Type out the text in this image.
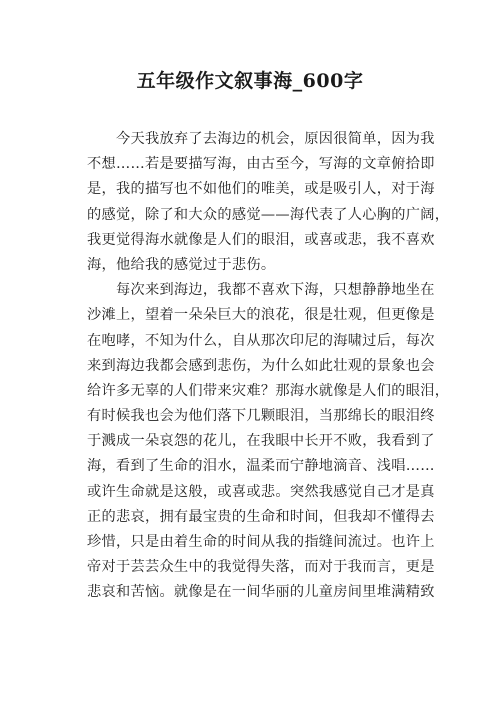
五年级作文叙事海_600字
　　今天我放弃了去海边的机会，原因很简单，因为我
不想……若是要描写海，由古至今，写海的文章俯拾即
是，我的描写也不如他们的唯美，或是吸引人，对于海
的感觉，除了和大众的感觉——海代表了人心胸的广阔，
我更觉得海水就像是人们的眼泪，或喜或悲，我不喜欢
海，他给我的感觉过于悲伤。
　　每次来到海边，我都不喜欢下海，只想静静地坐在
沙滩上，望着一朵朵巨大的浪花，很是壮观，但更像是
在咆哮，不知为什么，自从那次印尼的海啸过后，每次
来到海边我都会感到悲伤，为什么如此壮观的景象也会
给许多无辜的人们带来灾难？那海水就像是人们的眼泪，
有时候我也会为他们落下几颗眼泪，当那绵长的眼泪终
于溅成一朵哀怨的花儿，在我眼中长开不败，我看到了
海，看到了生命的泪水，温柔而宁静地滴音、浅唱……
或许生命就是这般，或喜或悲。突然我感觉自己才是真
正的悲哀，拥有最宝贵的生命和时间，但我却不懂得去
珍惜，只是由着生命的时间从我的指缝间流过。也许上
帝对于芸芸众生中的我觉得失落，而对于我而言，更是
悲哀和苦恼。就像是在一间华丽的儿童房间里堆满精致
